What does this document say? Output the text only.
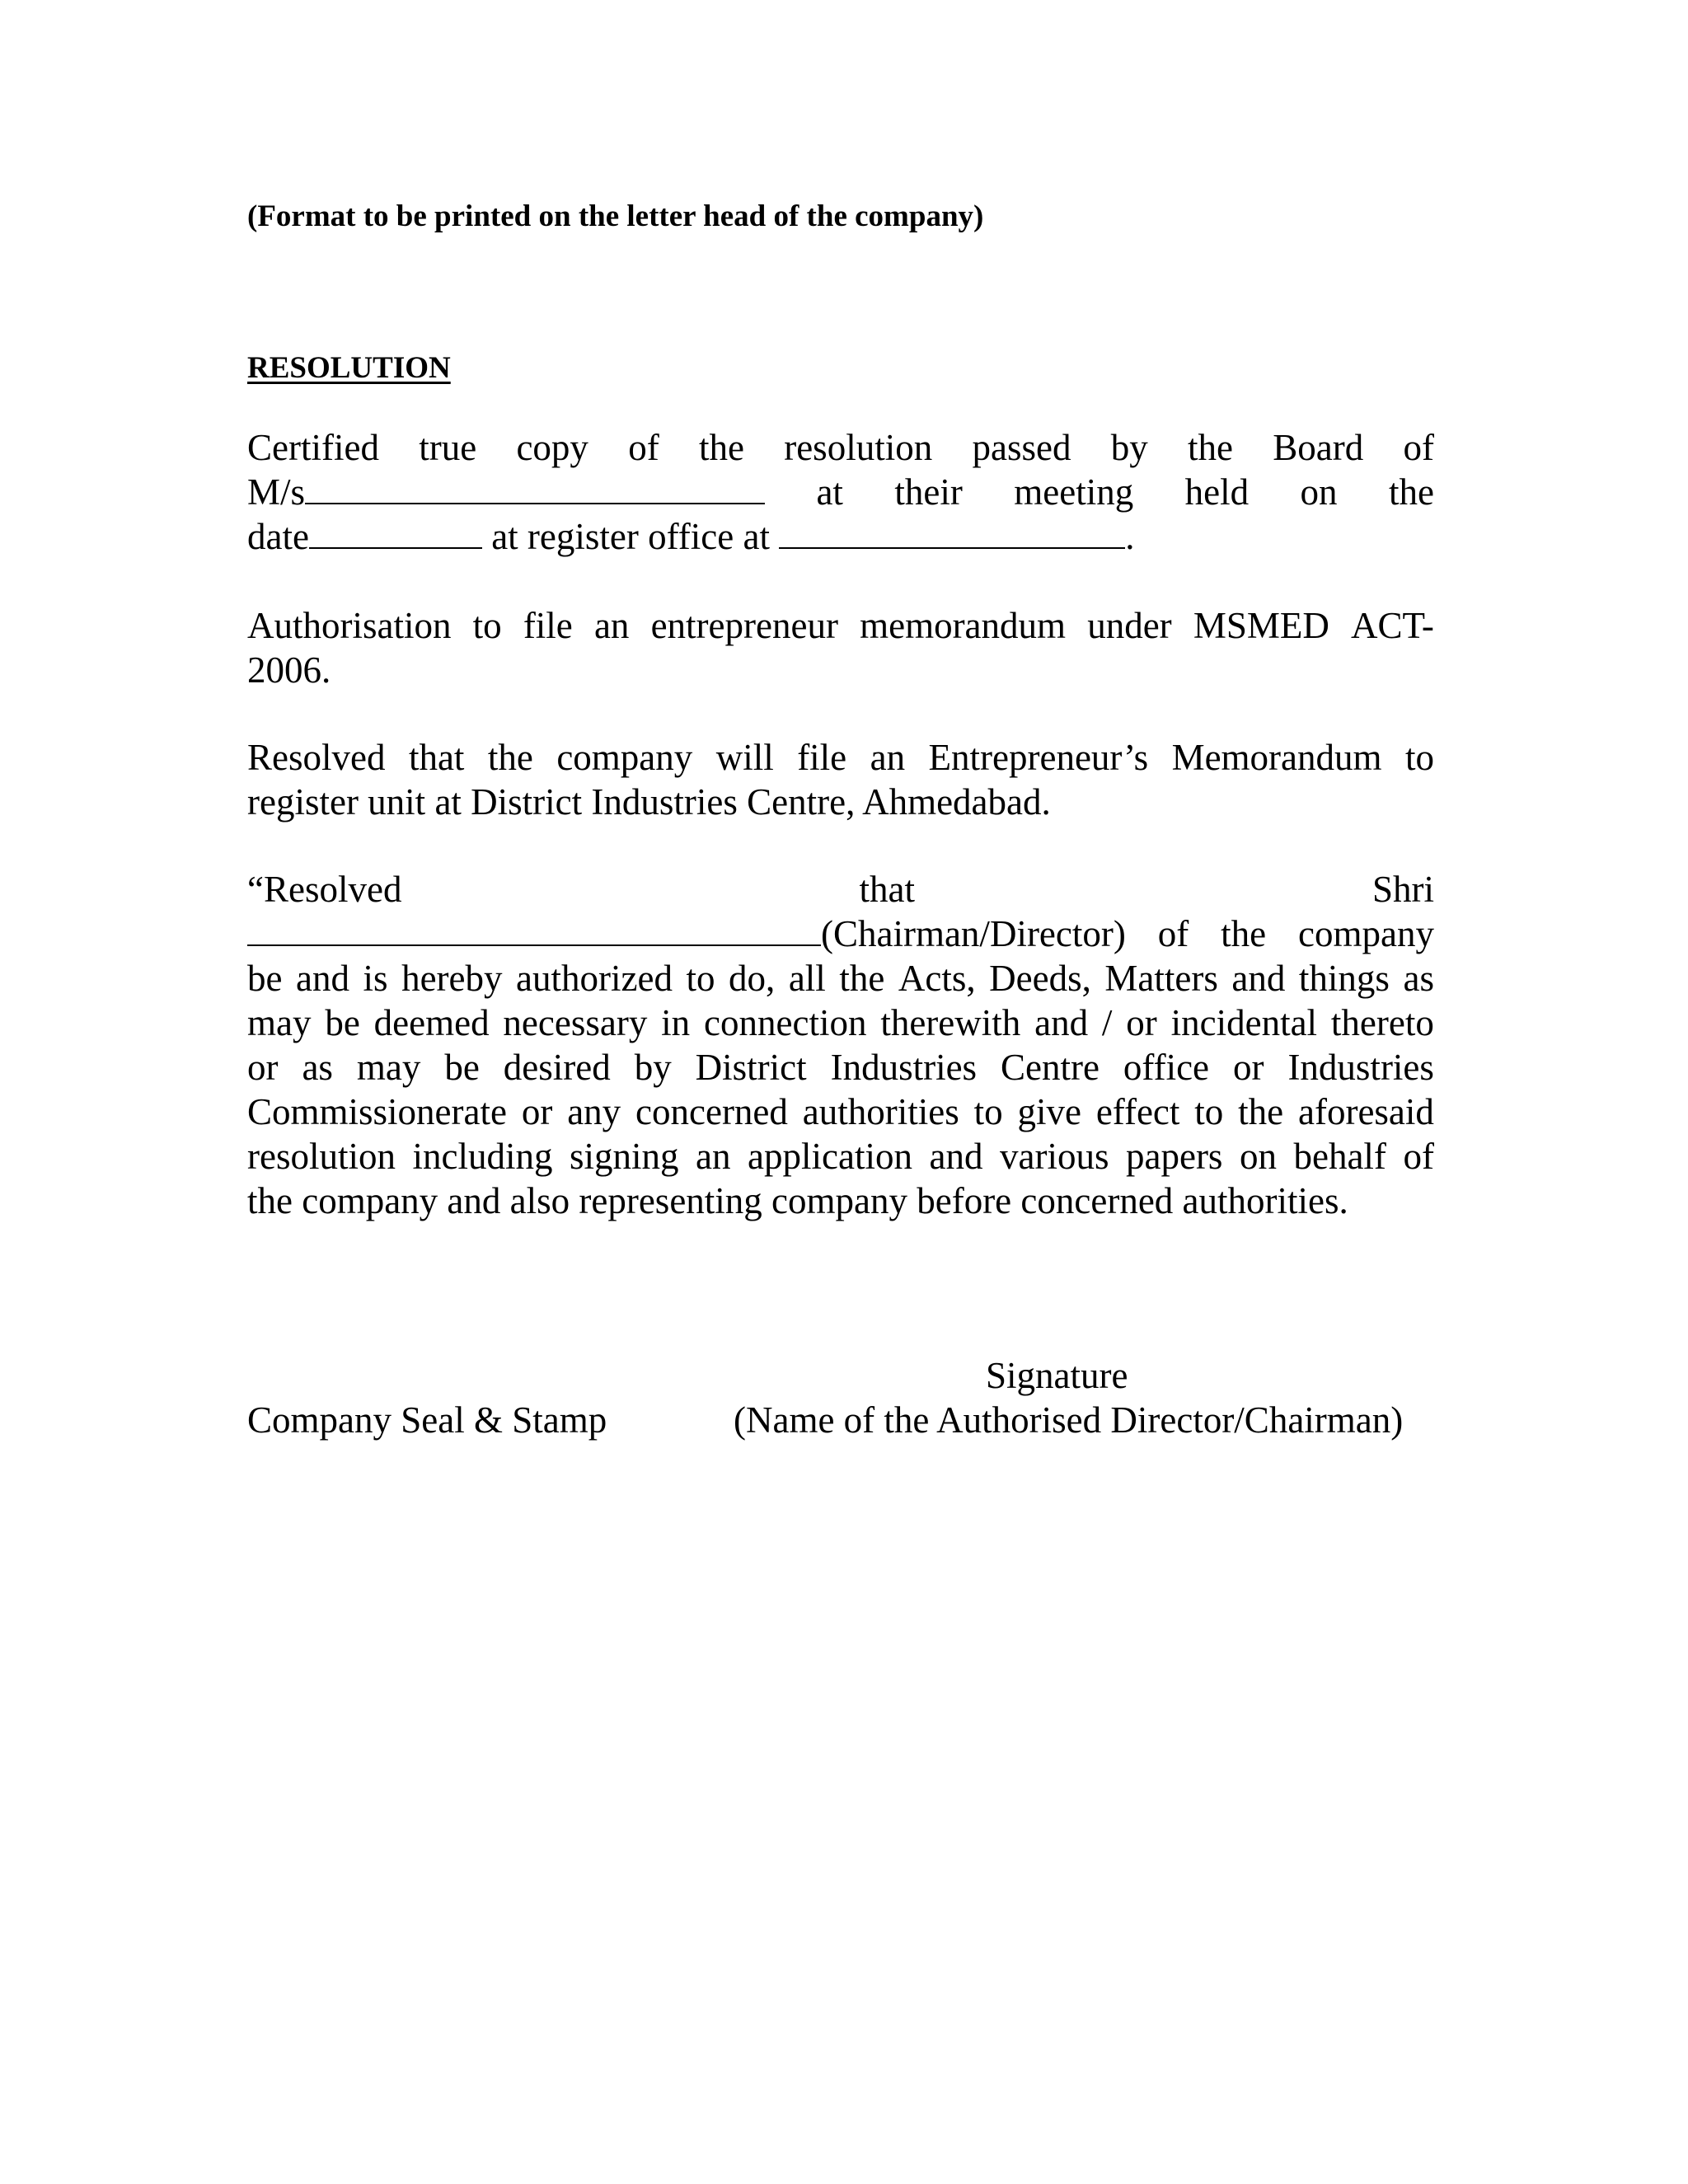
(Format to be printed on the letter head of the company)
RESOLUTION
Certified true copy of the resolution passed by the Board of
M/s	at their meeting held on the
date	at register office at	.
Authorisation to file an entrepreneur memorandum under MSMED ACT-
2006.
Resolved that the company will file an Entrepreneur’s Memorandum to
register unit at District Industries Centre, Ahmedabad.
“Resolved	that	Shri
(Chairman/Director) of the company
be and is hereby authorized to do, all the Acts, Deeds, Matters and things as
may be deemed necessary in connection therewith and / or incidental thereto
or as may be desired by District Industries Centre office or Industries
Commissionerate or any concerned authorities to give effect to the aforesaid
resolution including signing an application and various papers on behalf of
the company and also representing company before concerned authorities.
Signature
Company Seal & Stamp	(Name of the Authorised Director/Chairman)
